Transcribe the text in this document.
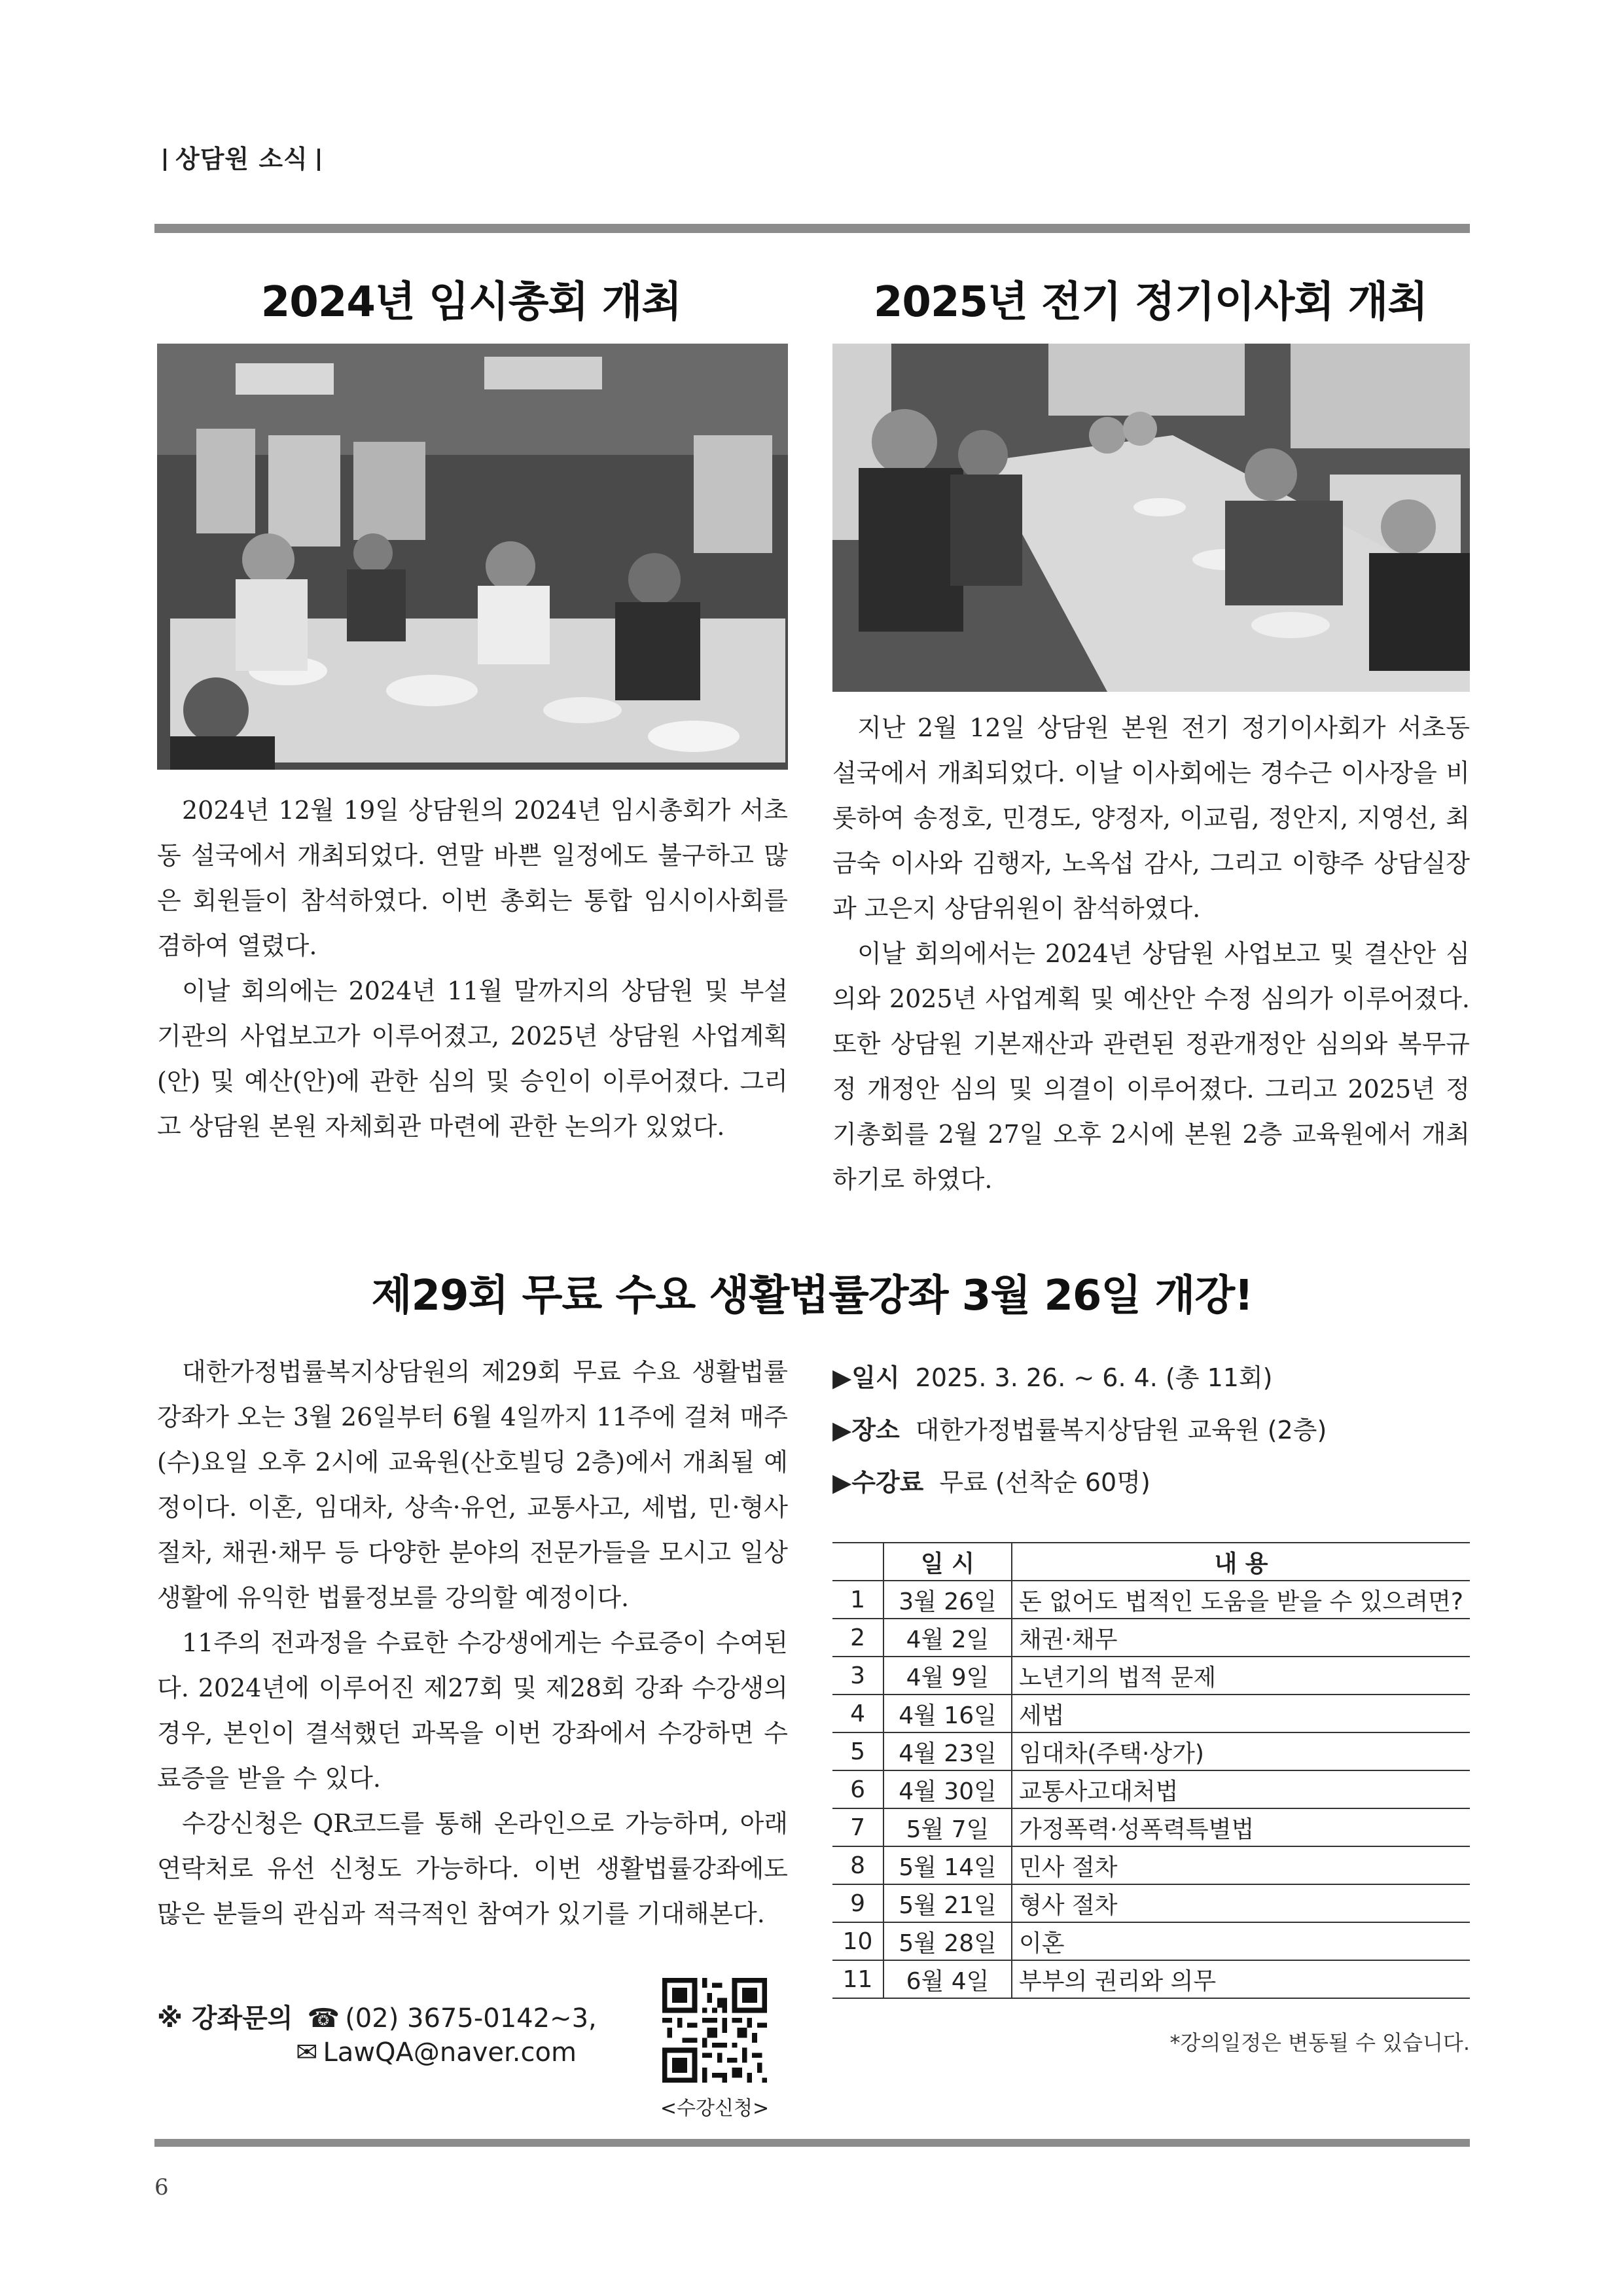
상담원 소식
2024년 임시총회 개최

2024년 12월 19일 상담원의 2024년 임시총회가 서초동 설국에서 개최되었다. 연말 바쁜 일정에도 불구하고 많은 회원들이 참석하였다. 이번 총회는 통합 임시이사회를 겸하여 열렸다.

이날 회의에는 2024년 11월 말까지의 상담원 및 부설기관의 사업보고가 이루어졌고, 2025년 상담원 사업계획(안) 및 예산(안)에 관한 심의 및 승인이 이루어졌다. 그리고 상담원 본원 자체회관 마련에 관한 논의가 있었다.

2025년 전기 정기이사회 개최

지난 2월 12일 상담원 본원 전기 정기이사회가 서초동 설국에서 개최되었다. 이날 이사회에는 경수근 이사장을 비롯하여 송정호, 민경도, 양정자, 이교림, 정안지, 지영선, 최금숙 이사와 김행자, 노옥섭 감사, 그리고 이향주 상담실장과 고은지 상담위원이 참석하였다.

이날 회의에서는 2024년 상담원 사업보고 및 결산안 심의와 2025년 사업계획 및 예산안 수정 심의가 이루어졌다. 또한 상담원 기본재산과 관련된 정관개정안 심의와 복무규정 개정안 심의 및 의결이 이루어졌다. 그리고 2025년 정기총회를 2월 27일 오후 2시에 본원 2층 교육원에서 개최하기로 하였다.

제29회 무료 수요 생활법률강좌 3월 26일 개강!

대한가정법률복지상담원의 제29회 무료 수요 생활법률강좌가 오는 3월 26일부터 6월 4일까지 11주에 걸쳐 매주 (수)요일 오후 2시에 교육원(산호빌딩 2층)에서 개최될 예정이다. 이혼, 임대차, 상속·유언, 교통사고, 세법, 민·형사절차, 채권·채무 등 다양한 분야의 전문가들을 모시고 일상생활에 유익한 법률정보를 강의할 예정이다.

11주의 전과정을 수료한 수강생에게는 수료증이 수여된다. 2024년에 이루어진 제27회 및 제28회 강좌 수강생의 경우, 본인이 결석했던 과목을 이번 강좌에서 수강하면 수료증을 받을 수 있다.

수강신청은 QR코드를 통해 온라인으로 가능하며, 아래 연락처로 유선 신청도 가능하다. 이번 생활법률강좌에도 많은 분들의 관심과 적극적인 참여가 있기를 기대해본다.

※ 강좌문의 ☎ (02) 3675-0142~3,
✉ LawQA@naver.com
<수강신청>
▶일시 2025. 3. 26. ~ 6. 4. (총 11회)
▶장소 대한가정법률복지상담원 교육원 (2층)
▶수강료 무료 (선착순 60명)
	일 시	내 용
1	3월 26일	돈 없어도 법적인 도움을 받을 수 있으려면?
2	4월 2일	채권·채무
3	4월 9일	노년기의 법적 문제
4	4월 16일	세법
5	4월 23일	임대차(주택·상가)
6	4월 30일	교통사고대처법
7	5월 7일	가정폭력·성폭력특별법
8	5월 14일	민사 절차
9	5월 21일	형사 절차
10	5월 28일	이혼
11	6월 4일	부부의 권리와 의무
*강의일정은 변동될 수 있습니다.
6
